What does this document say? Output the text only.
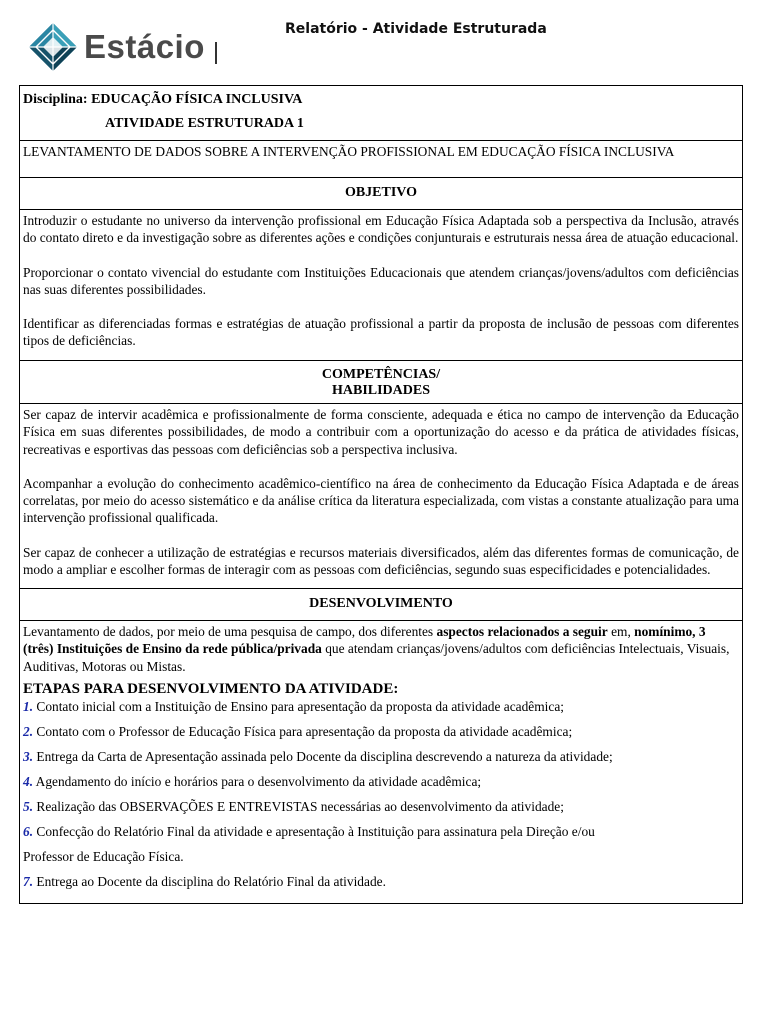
Estácio	Relatório - Atividade Estruturada
Disciplina: EDUCAÇÃO FÍSICA INCLUSIVA
ATIVIDADE ESTRUTURADA 1
LEVANTAMENTO DE DADOS SOBRE A INTERVENÇÃO PROFISSIONAL EM EDUCAÇÃO FÍSICA INCLUSIVA
OBJETIVO

Introduzir o estudante no universo da intervenção profissional em Educação Física Adaptada sob a perspectiva da Inclusão, através do contato direto e da investigação sobre as diferentes ações e condições conjunturais e estruturais nessa área de atuação educacional.

Proporcionar o contato vivencial do estudante com Instituições Educacionais que atendem crianças/jovens/adultos com deficiências nas suas diferentes possibilidades.

Identificar as diferenciadas formas e estratégias de atuação profissional a partir da proposta de inclusão de pessoas com diferentes tipos de deficiências.

COMPETÊNCIAS/
HABILIDADES

Ser capaz de intervir acadêmica e profissionalmente de forma consciente, adequada e ética no campo de intervenção da Educação Física em suas diferentes possibilidades, de modo a contribuir com a oportunização do acesso e da prática de atividades físicas, recreativas e esportivas das pessoas com deficiências sob a perspectiva inclusiva.

Acompanhar a evolução do conhecimento acadêmico-científico na área de conhecimento da Educação Física Adaptada e de áreas correlatas, por meio do acesso sistemático e da análise crítica da literatura especializada, com vistas a constante atualização para uma intervenção profissional qualificada.

Ser capaz de conhecer a utilização de estratégias e recursos materiais diversificados, além das diferentes formas de comunicação, de modo a ampliar e escolher formas de interagir com as pessoas com deficiências, segundo suas especificidades e potencialidades.

DESENVOLVIMENTO

Levantamento de dados, por meio de uma pesquisa de campo, dos diferentes aspectos relacionados a seguir em, nomínimo, 3 (três) Instituições de Ensino da rede pública/privada que atendam crianças/jovens/adultos com deficiências Intelectuais, Visuais, Auditivas, Motoras ou Mistas.

ETAPAS PARA DESENVOLVIMENTO DA ATIVIDADE:

1. Contato inicial com a Instituição de Ensino para apresentação da proposta da atividade acadêmica;

2. Contato com o Professor de Educação Física para apresentação da proposta da atividade acadêmica;

3. Entrega da Carta de Apresentação assinada pelo Docente da disciplina descrevendo a natureza da atividade;

4. Agendamento do início e horários para o desenvolvimento da atividade acadêmica;

5. Realização das OBSERVAÇÕES E ENTREVISTAS necessárias ao desenvolvimento da atividade;

6. Confecção do Relatório Final da atividade e apresentação à Instituição para assinatura pela Direção e/ou

Professor de Educação Física.

7. Entrega ao Docente da disciplina do Relatório Final da atividade.
